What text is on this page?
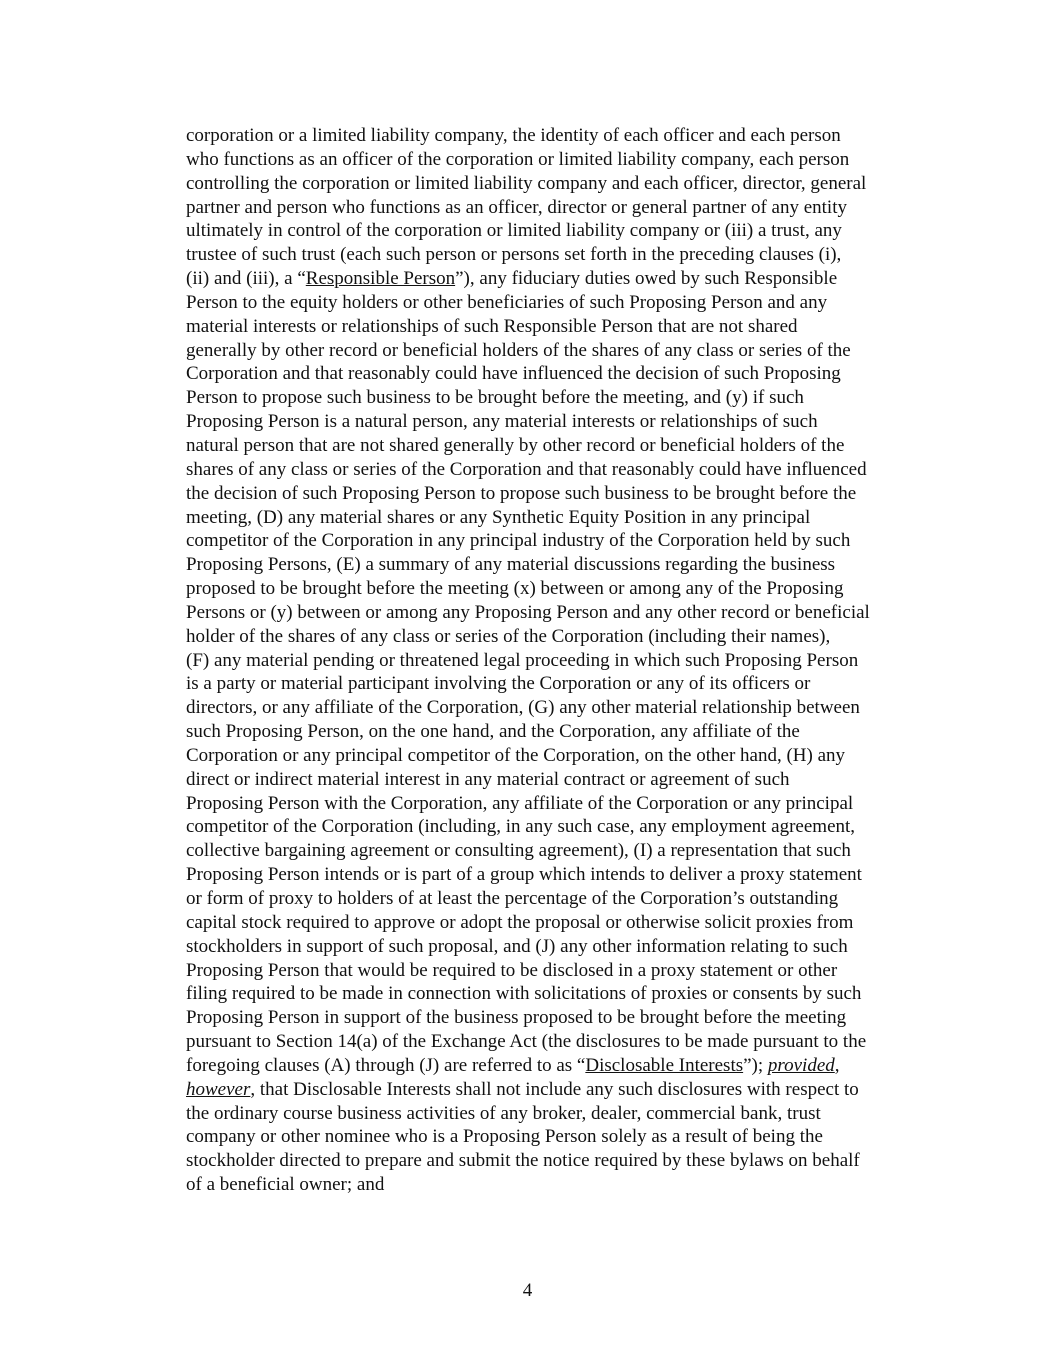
corporation or a limited liability company, the identity of each officer and each person
who functions as an officer of the corporation or limited liability company, each person
controlling the corporation or limited liability company and each officer, director, general
partner and person who functions as an officer, director or general partner of any entity
ultimately in control of the corporation or limited liability company or (iii) a trust, any
trustee of such trust (each such person or persons set forth in the preceding clauses (i),
(ii) and (iii), a “Responsible Person”), any fiduciary duties owed by such Responsible
Person to the equity holders or other beneficiaries of such Proposing Person and any
material interests or relationships of such Responsible Person that are not shared
generally by other record or beneficial holders of the shares of any class or series of the
Corporation and that reasonably could have influenced the decision of such Proposing
Person to propose such business to be brought before the meeting, and (y) if such
Proposing Person is a natural person, any material interests or relationships of such
natural person that are not shared generally by other record or beneficial holders of the
shares of any class or series of the Corporation and that reasonably could have influenced
the decision of such Proposing Person to propose such business to be brought before the
meeting, (D) any material shares or any Synthetic Equity Position in any principal
competitor of the Corporation in any principal industry of the Corporation held by such
Proposing Persons, (E) a summary of any material discussions regarding the business
proposed to be brought before the meeting (x) between or among any of the Proposing
Persons or (y) between or among any Proposing Person and any other record or beneficial
holder of the shares of any class or series of the Corporation (including their names),
(F) any material pending or threatened legal proceeding in which such Proposing Person
is a party or material participant involving the Corporation or any of its officers or
directors, or any affiliate of the Corporation, (G) any other material relationship between
such Proposing Person, on the one hand, and the Corporation, any affiliate of the
Corporation or any principal competitor of the Corporation, on the other hand, (H) any
direct or indirect material interest in any material contract or agreement of such
Proposing Person with the Corporation, any affiliate of the Corporation or any principal
competitor of the Corporation (including, in any such case, any employment agreement,
collective bargaining agreement or consulting agreement), (I) a representation that such
Proposing Person intends or is part of a group which intends to deliver a proxy statement
or form of proxy to holders of at least the percentage of the Corporation’s outstanding
capital stock required to approve or adopt the proposal or otherwise solicit proxies from
stockholders in support of such proposal, and (J) any other information relating to such
Proposing Person that would be required to be disclosed in a proxy statement or other
filing required to be made in connection with solicitations of proxies or consents by such
Proposing Person in support of the business proposed to be brought before the meeting
pursuant to Section 14(a) of the Exchange Act (the disclosures to be made pursuant to the
foregoing clauses (A) through (J) are referred to as “Disclosable Interests”); provided,
however, that Disclosable Interests shall not include any such disclosures with respect to
the ordinary course business activities of any broker, dealer, commercial bank, trust
company or other nominee who is a Proposing Person solely as a result of being the
stockholder directed to prepare and submit the notice required by these bylaws on behalf
of a beneficial owner; and
4
